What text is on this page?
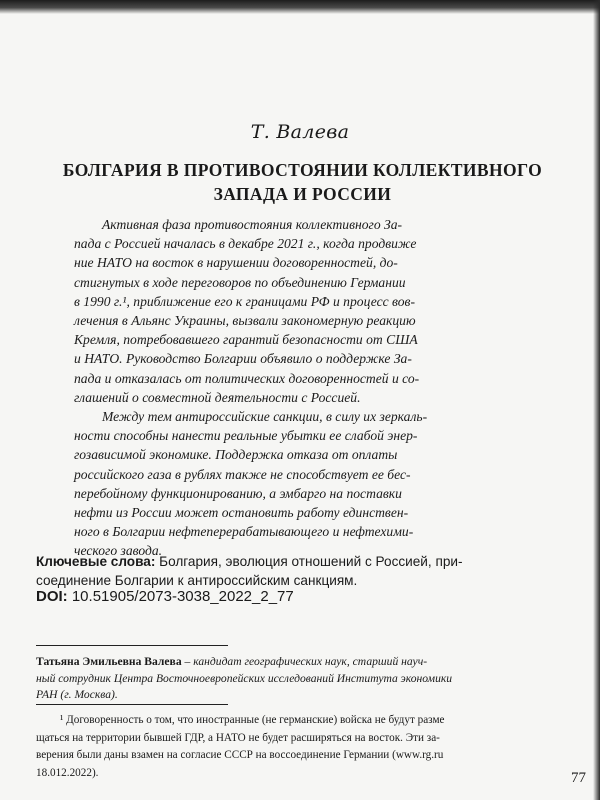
Т. Валева

БОЛГАРИЯ В ПРОТИВОСТОЯНИИ КОЛЛЕКТИВНОГО
ЗАПАДА И РОССИИ
Активная фаза противостояния коллективного За-
пада с Россией началась в декабре 2021 г., когда продвиже
ние НАТО на восток в нарушении договоренностей, до-
стигнутых в ходе переговоров по объединению Германии
в 1990 г.¹, приближение его к границами РФ и процесс вов-
лечения в Альянс Украины, вызвали закономерную реакцию
Кремля, потребовавшего гарантий безопасности от США
и НАТО. Руководство Болгарии объявило о поддержке За-
пада и отказалась от политических договоренностей и со-
глашений о совместной деятельности с Россией.
Между тем антироссийские санкции, в силу их зеркаль-
ности способны нанести реальные убытки ее слабой энер-
гозависимой экономике. Поддержка отказа от оплаты
российского газа в рублях также не способствует ее бес-
перебойному функционированию, а эмбарго на поставки
нефти из России может остановить работу единствен-
ного в Болгарии нефтеперерабатывающего и нефтехими-
ческого завода.
Ключевые слова: Болгария, эволюция отношений с Россией, при-
соединение Болгарии к антироссийским санкциям.

DOI: 10.51905/2073-3038_2022_2_77

Татьяна Эмильевна Валева – кандидат географических наук, старший науч-
ный сотрудник Центра Восточноевропейских исследований Института экономики
РАН (г. Москва).
¹ Договоренность о том, что иностранные (не германские) войска не будут разме
щаться на территории бывшей ГДР, а НАТО не будет расширяться на восток. Эти за-
верения были даны взамен на согласие СССР на воссоединение Германии (www.rg.ru
18.012.2022).	77
